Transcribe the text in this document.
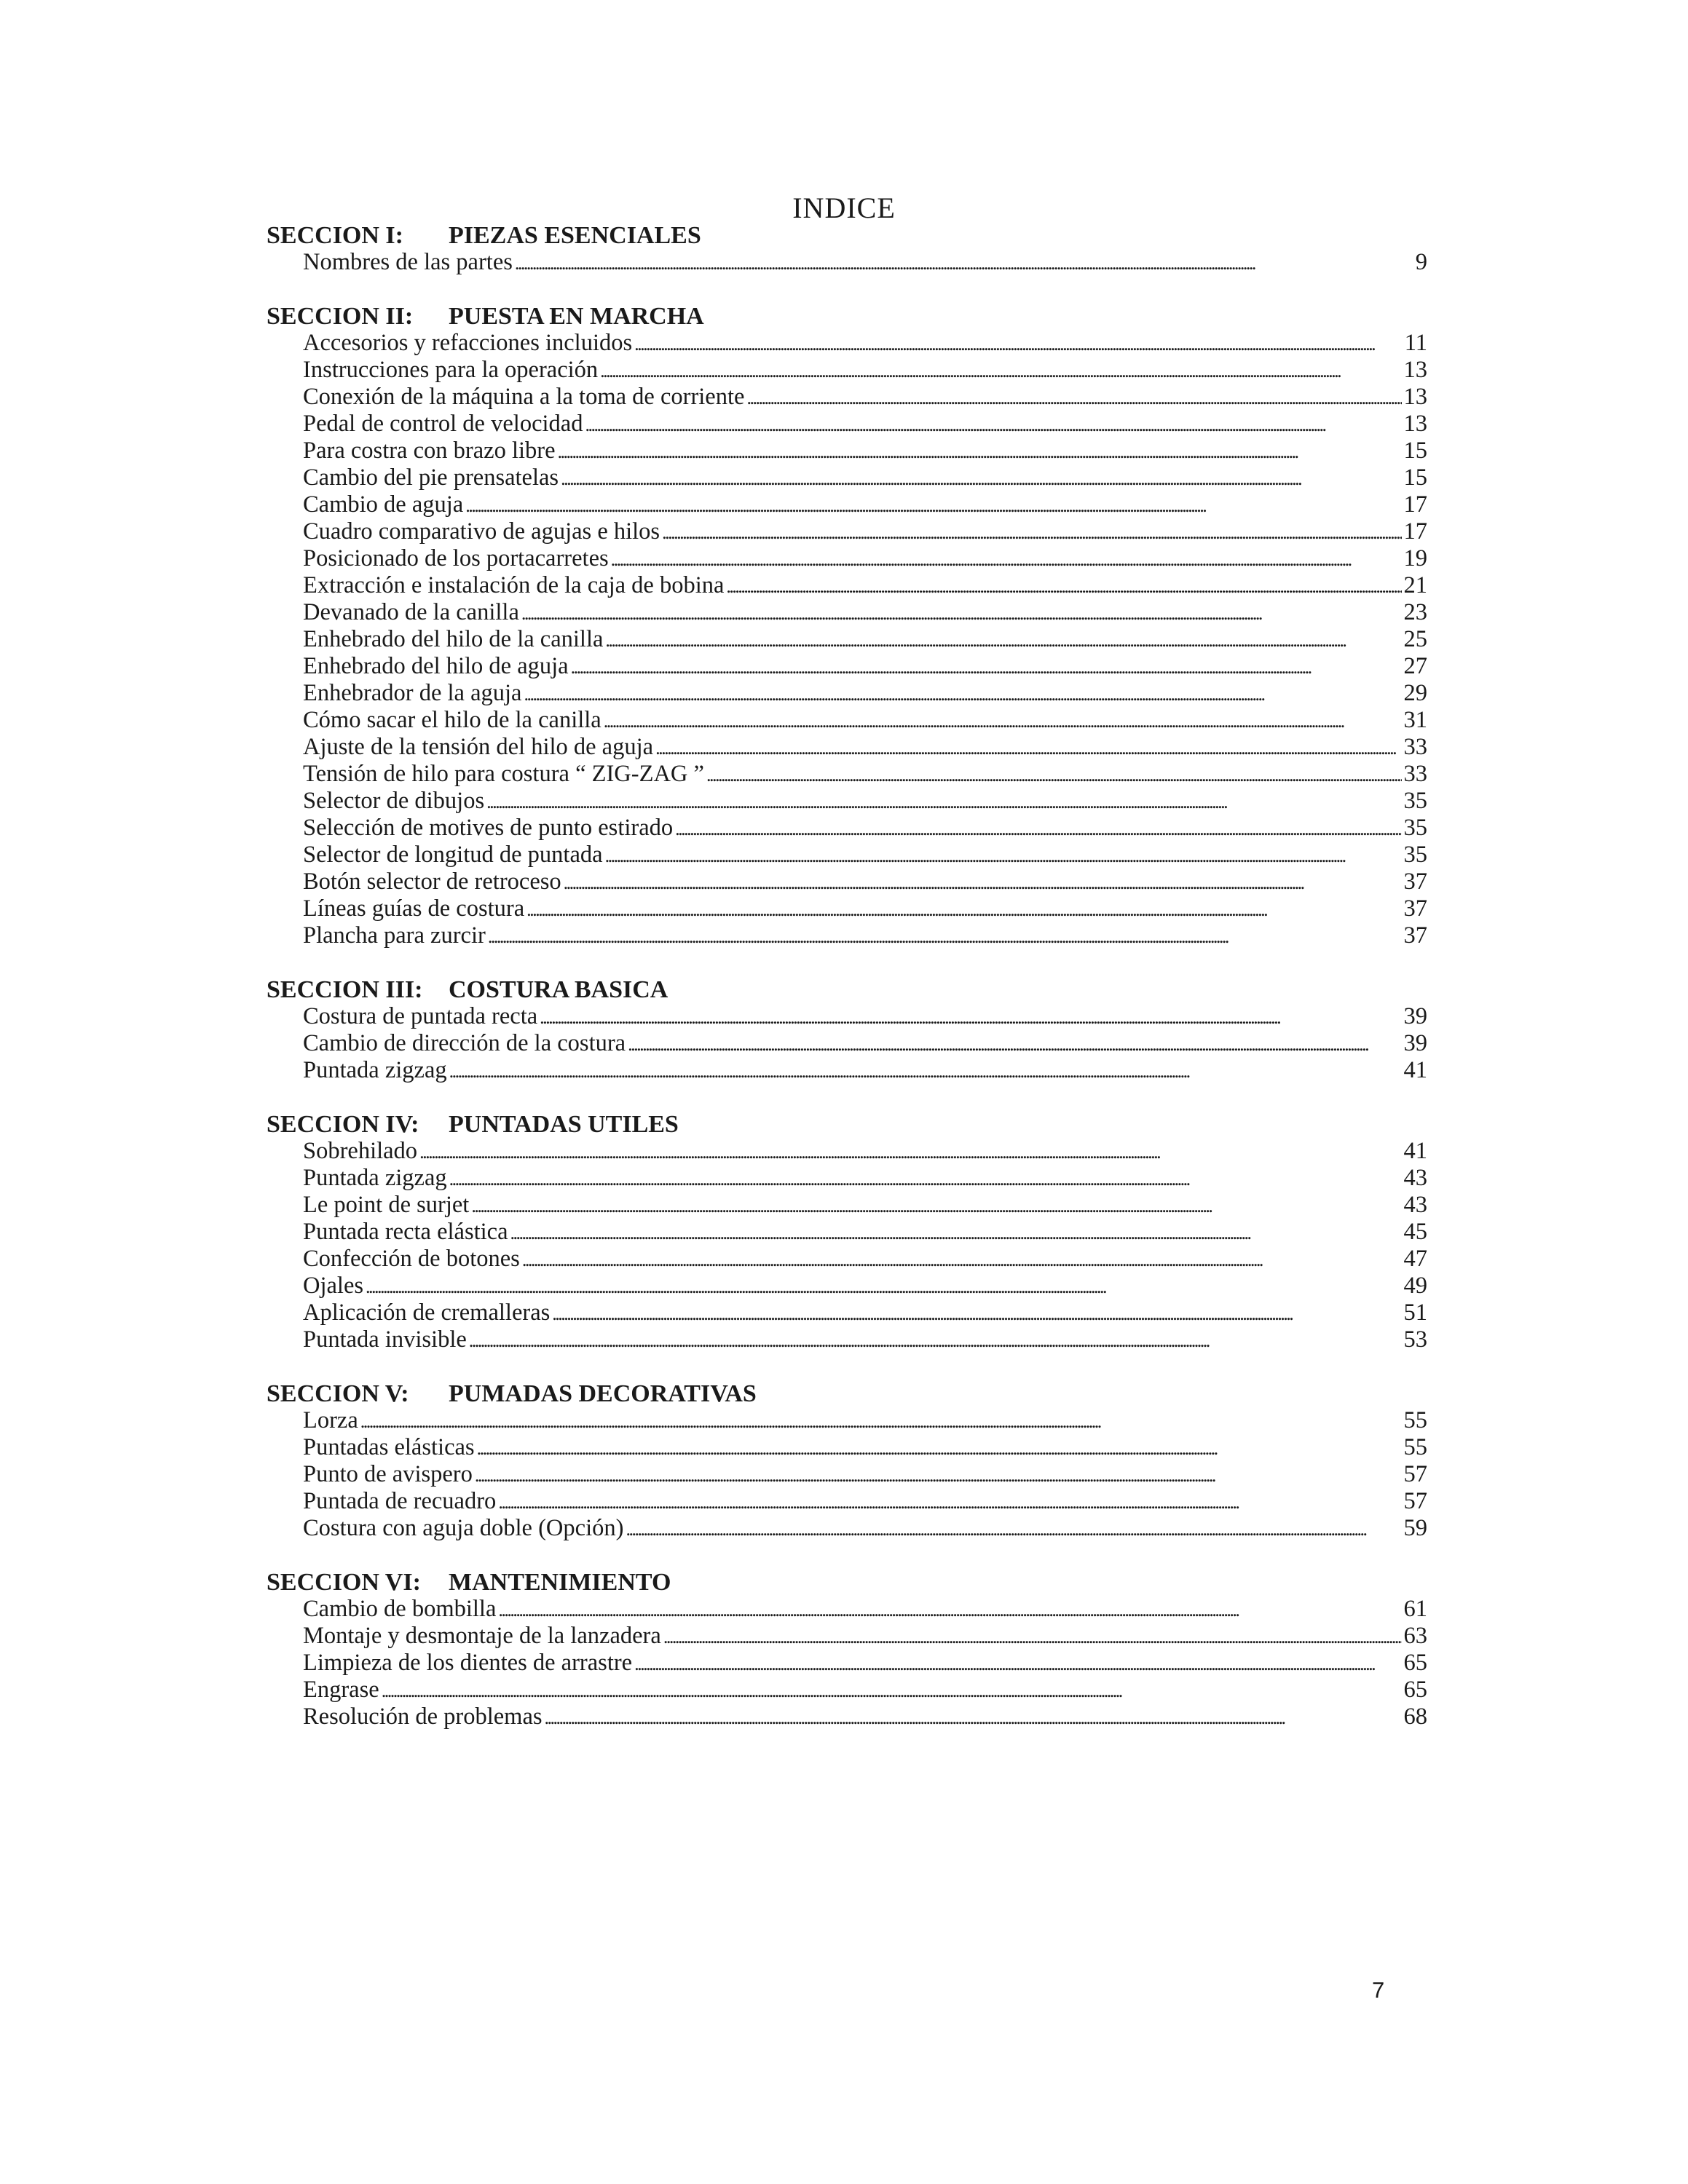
INDICE
SECCION I: PIEZAS ESENCIALES
Nombres de las partes . . .	9
SECCION II: PUESTA EN MARCHA
Accesorios y refacciones incluidos . . .	11
Instrucciones para la operación . . .	13
Conexión de la máquina a la toma de corriente . . .	13
Pedal de control de velocidad . . .	13
Para costra con brazo libre . . .	15
Cambio del pie prensatelas . . .	15
Cambio de aguja . . .	17
Cuadro comparativo de agujas e hilos . . .	17
Posicionado de los portacarretes . . .	19
Extracción e instalación de la caja de bobina . . .	21
Devanado de la canilla . . .	23
Enhebrado del hilo de la canilla . . .	25
Enhebrado del hilo de aguja . . .	27
Enhebrador de la aguja . . .	29
Cómo sacar el hilo de la canilla . . .	31
Ajuste de la tensión del hilo de aguja . . .	33
Tensión de hilo para costura “ ZIG-ZAG ” . . .	33
Selector de dibujos . . .	35
Selección de motives de punto estirado . . .	35
Selector de longitud de puntada . . .	35
Botón selector de retroceso . . .	37
Líneas guías de costura . . .	37
Plancha para zurcir . . .	37
SECCION III: COSTURA BASICA
Costura de puntada recta . . .	39
Cambio de dirección de la costura . . .	39
Puntada zigzag . . .	41
SECCION IV: PUNTADAS UTILES
Sobrehilado . . .	41
Puntada zigzag . . .	43
Le point de surjet . . .	43
Puntada recta elástica . . .	45
Confección de botones . . .	47
Ojales . . .	49
Aplicación de cremalleras . . .	51
Puntada invisible . . .	53
SECCION V: PUMADAS DECORATIVAS
Lorza . . .	55
Puntadas elásticas . . .	55
Punto de avispero . . .	57
Puntada de recuadro . . .	57
Costura con aguja doble (Opción) . . .	59
SECCION VI: MANTENIMIENTO
Cambio de bombilla . . .	61
Montaje y desmontaje de la lanzadera . . .	63
Limpieza de los dientes de arrastre . . .	65
Engrase . . .	65
Resolución de problemas . . .	68
7
